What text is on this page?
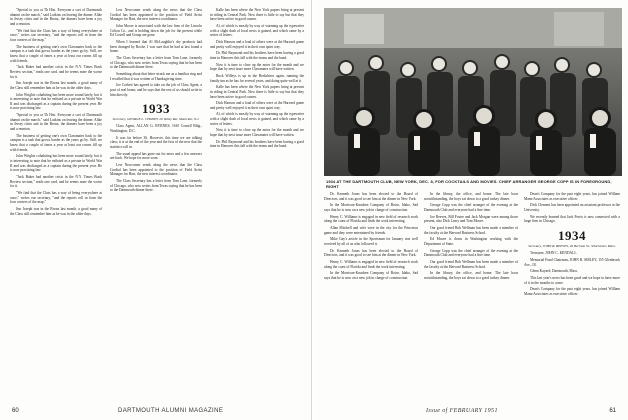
"Special to you at Th Hist. Everyone a sort of Dartmouth alumni on the march," said Lutkins on leaving the dinner. Alike in Jersey cities and in the Bronx, the dinners have been a joy and a reunion.

"We find that the Class has a way of being everywhere at once," writes our secretary, "and the reports roll in from the four corners of the map."

The business of getting one's own Classmates back to the campus is a task that grows harder as the years go by. Still, we know that a couple of times a year at least our rooms fill up with friends.

"Jack Baker had another crisis in the N.Y. Times Book Review section," reads one card, and he seems none the worse for it.

Jim Joseph was in the Bronx last month, a good many of the Class still remember him as he was in the older days.

John Wrights cohabiting has been more sound lately, but it is interesting to note that he enlisted as a private in World War II and was discharged as a captain during the present year. He is now practising law.

"Special to you at Th Hist. Everyone a sort of Dartmouth alumni on the march," said Lutkins on leaving the dinner. Alike in Jersey cities and in the Bronx, the dinners have been a joy and a reunion.

The business of getting one's own Classmates back to the campus is a task that grows harder as the years go by. Still, we know that a couple of times a year at least our rooms fill up with friends.

John Wrights cohabiting has been more sound lately, but it is interesting to note that he enlisted as a private in World War II and was discharged as a captain during the present year. He is now practising law.

"Jack Baker had another crisis in the N.Y. Times Book Review section," reads one card, and he seems none the worse for it.

"We find that the Class has a way of being everywhere at once," writes our secretary, "and the reports roll in from the four corners of the map."

Jim Joseph was in the Bronx last month, a good many of the Class still remember him as he was in the older days.

Lew Newcomer sends along the news that the Class Cordial has been appointed to the position of Field Artist Manager for Hart, the new interest coordinator.

John Moore is associated with the law firm of the Lincoln Colton Co., and is holding down the job for the present while Ed Costell and Group are gone.

When I learned that Al McLaughlin's dry products had been changed by Roche, I was sure that he had at last found a home.

The Class Secretary has a letter from Tom Lane, formerly of Chicago, who now writes from Texas saying that he has been to the Dartmouth dinner there.

Something about that letter struck me as a familiar ring and I recalled that it was written at Thanksgiving time.

Joe Corbett has agreed to take on the job of Class Agent, a post of real honor, and he says that the rest of us should write to him directly.

1933
Secretary, GEORGE L. CHANEY, 20 Valley Rd., Montclair, N.J.

Class Agent, ALLAN G. BYRNES, 1610 Cornell Bldg., Washington, D.C.

It was far before 36. However, this time we are talking class; it is at the end of the year and the first of the new that the statistics roll in.

The usual appeal has gone out for news and a few answers are back. We hope for more soon.

Lew Newcomer sends along the news that the Class Cordial has been appointed to the position of Field Artist Manager for Hart, the new interest coordinator.

The Class Secretary has a letter from Tom Lane, formerly of Chicago, who now writes from Texas saying that he has been to the Dartmouth dinner there.

Kalle has been where the New York papers bring at present in riding in Central Park. Now there is little to say but that they have been active in good causes.

Al, of which is mostly by way of warming up the typewriter with a slight dash of local news is gained, and which came by a series of letters.

Dick Hanson and a load of others were at the Harvard game and pretty well enjoyed it in their own quiet way.

Dr. Phil Raymond and his brothers have been having a good time in Hanover this fall with the teams and the band.

Now it is time to close up the notes for the month and we hope that by next issue more Classmates will have written.

Buck Willeys is up in the Berkshires again, running the family inn as he has for several years, and doing quite well at it.

Kalle has been where the New York papers bring at present in riding in Central Park. Now there is little to say but that they have been active in good causes.

Dick Hanson and a load of others were at the Harvard game and pretty well enjoyed it in their own quiet way.

Al, of which is mostly by way of warming up the typewriter with a slight dash of local news is gained, and which came by a series of letters.

Now it is time to close up the notes for the month and we hope that by next issue more Classmates will have written.

Dr. Phil Raymond and his brothers have been having a good time in Hanover this fall with the teams and the band.

60	DARTMOUTH ALUMNI MAGAZINE
1934 AT THE DARTMOUTH CLUB, NEW YORK, DEC. 8, FOR COCKTAILS AND MOVIES. CHIEF ARRANGER GEORGE COPP IS IN FOREGROUND, RIGHT

Dr. Kenneth Jones has been elected to the Board of Directors, and it was good to see him at the dinner in New York.

In the Morrison-Knudsen Company of Boise, Idaho, Sad says that he is now on a new job in charge of construction.

Henry C. Williams is engaged in new field of research work along the coast of Florida and finds the work interesting.

Allan Mitchell and wife were in the city for the Princeton game and they were entertained by friends.

Mike Gay's article in the Sportsman for January was well received by all of us who followed it.

Dr. Kenneth Jones has been elected to the Board of Directors, and it was good to see him at the dinner in New York.

Henry C. Williams is engaged in new field of research work along the coast of Florida and finds the work interesting.

In the Morrison-Knudsen Company of Boise, Idaho, Sad says that he is now on a new job in charge of construction.

In the library, the office, and home. The late hour notwithstanding, the boys sat down to a good turkey dinner.

George Copp was the chief arranger of the evening at the Dartmouth Club and everyone had a fine time.

Joe Reeves, Bill Foster and Jack Morgan were among those present, also Dick Leary and Tom Moore.

Our good friend Bob Wellman has been made a member of the faculty at the Harvard Business School.

Ed Moore is down in Washington working with the Department of State.

George Copp was the chief arranger of the evening at the Dartmouth Club and everyone had a fine time.

Our good friend Bob Wellman has been made a member of the faculty at the Harvard Business School.

In the library, the office, and home. The late hour notwithstanding, the boys sat down to a good turkey dinner.

Dean's Company for the past eight years, has joined William Mann Associates as executive officer.

Dick Clement has been appointed an assistant professor at the University.

We recently learned that Jack Ferris is now connected with a large firm in Chicago.

1934
Secretary, JOHN R. REEVES, 20 Bertram St., Winchester, Mass.

Treasurer, JOHN C. KENDALL

Memorial Fund Chairman, JOHN B. SIBLEY, 155 Glenbrook Ave., Ill.

Glenn Kayard, Dartmouth, Mass.

This last year's news has been good and we hope to have more of it in the months to come.

Dean's Company for the past eight years, has joined William Mann Associates as executive officer.

Issue of FEBRUARY 1951	61
